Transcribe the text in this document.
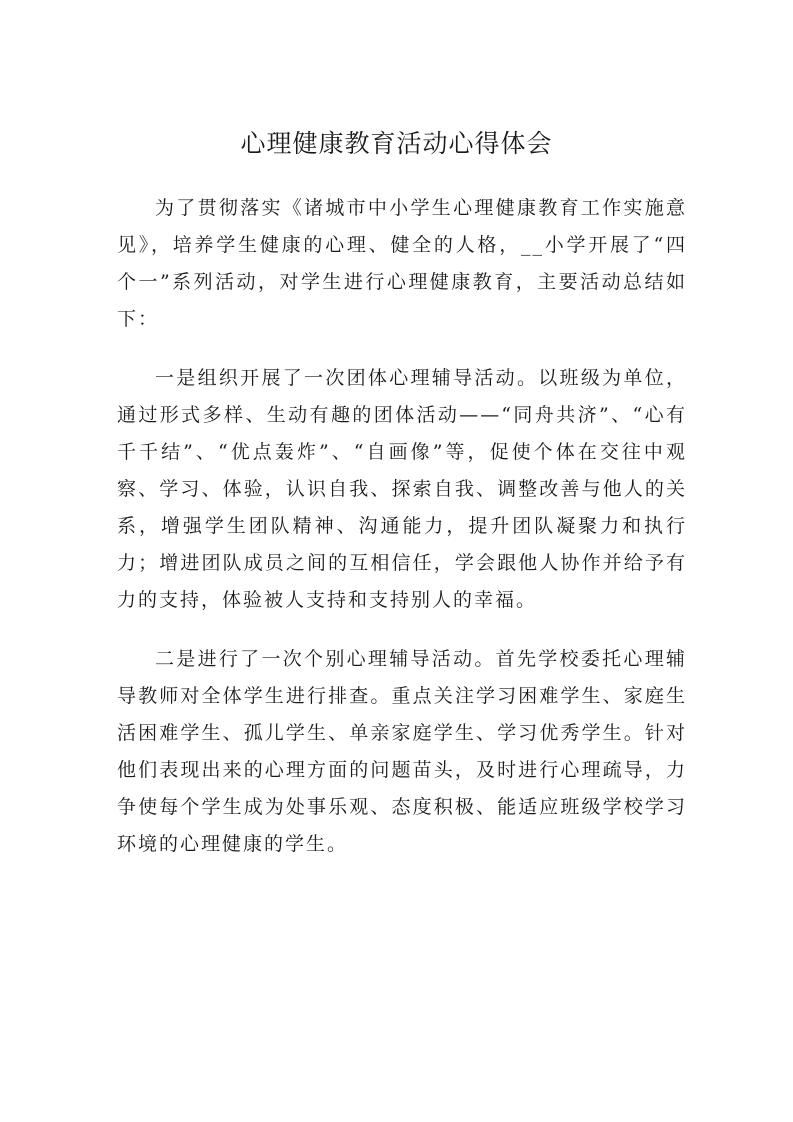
心理健康教育活动心得体会

为了贯彻落实《诸城市中小学生心理健康教育工作实施意见》，培养学生健康的心理、健全的人格，__小学开展了“四个一”系列活动，对学生进行心理健康教育，主要活动总结如下：

一是组织开展了一次团体心理辅导活动。以班级为单位，通过形式多样、生动有趣的团体活动——“同舟共济”、“心有千千结”、“优点轰炸”、“自画像”等，促使个体在交往中观察、学习、体验，认识自我、探索自我、调整改善与他人的关系，增强学生团队精神、沟通能力，提升团队凝聚力和执行力；增进团队成员之间的互相信任，学会跟他人协作并给予有力的支持，体验被人支持和支持别人的幸福。

二是进行了一次个别心理辅导活动。首先学校委托心理辅导教师对全体学生进行排查。重点关注学习困难学生、家庭生活困难学生、孤儿学生、单亲家庭学生、学习优秀学生。针对他们表现出来的心理方面的问题苗头，及时进行心理疏导，力争使每个学生成为处事乐观、态度积极、能适应班级学校学习环境的心理健康的学生。
